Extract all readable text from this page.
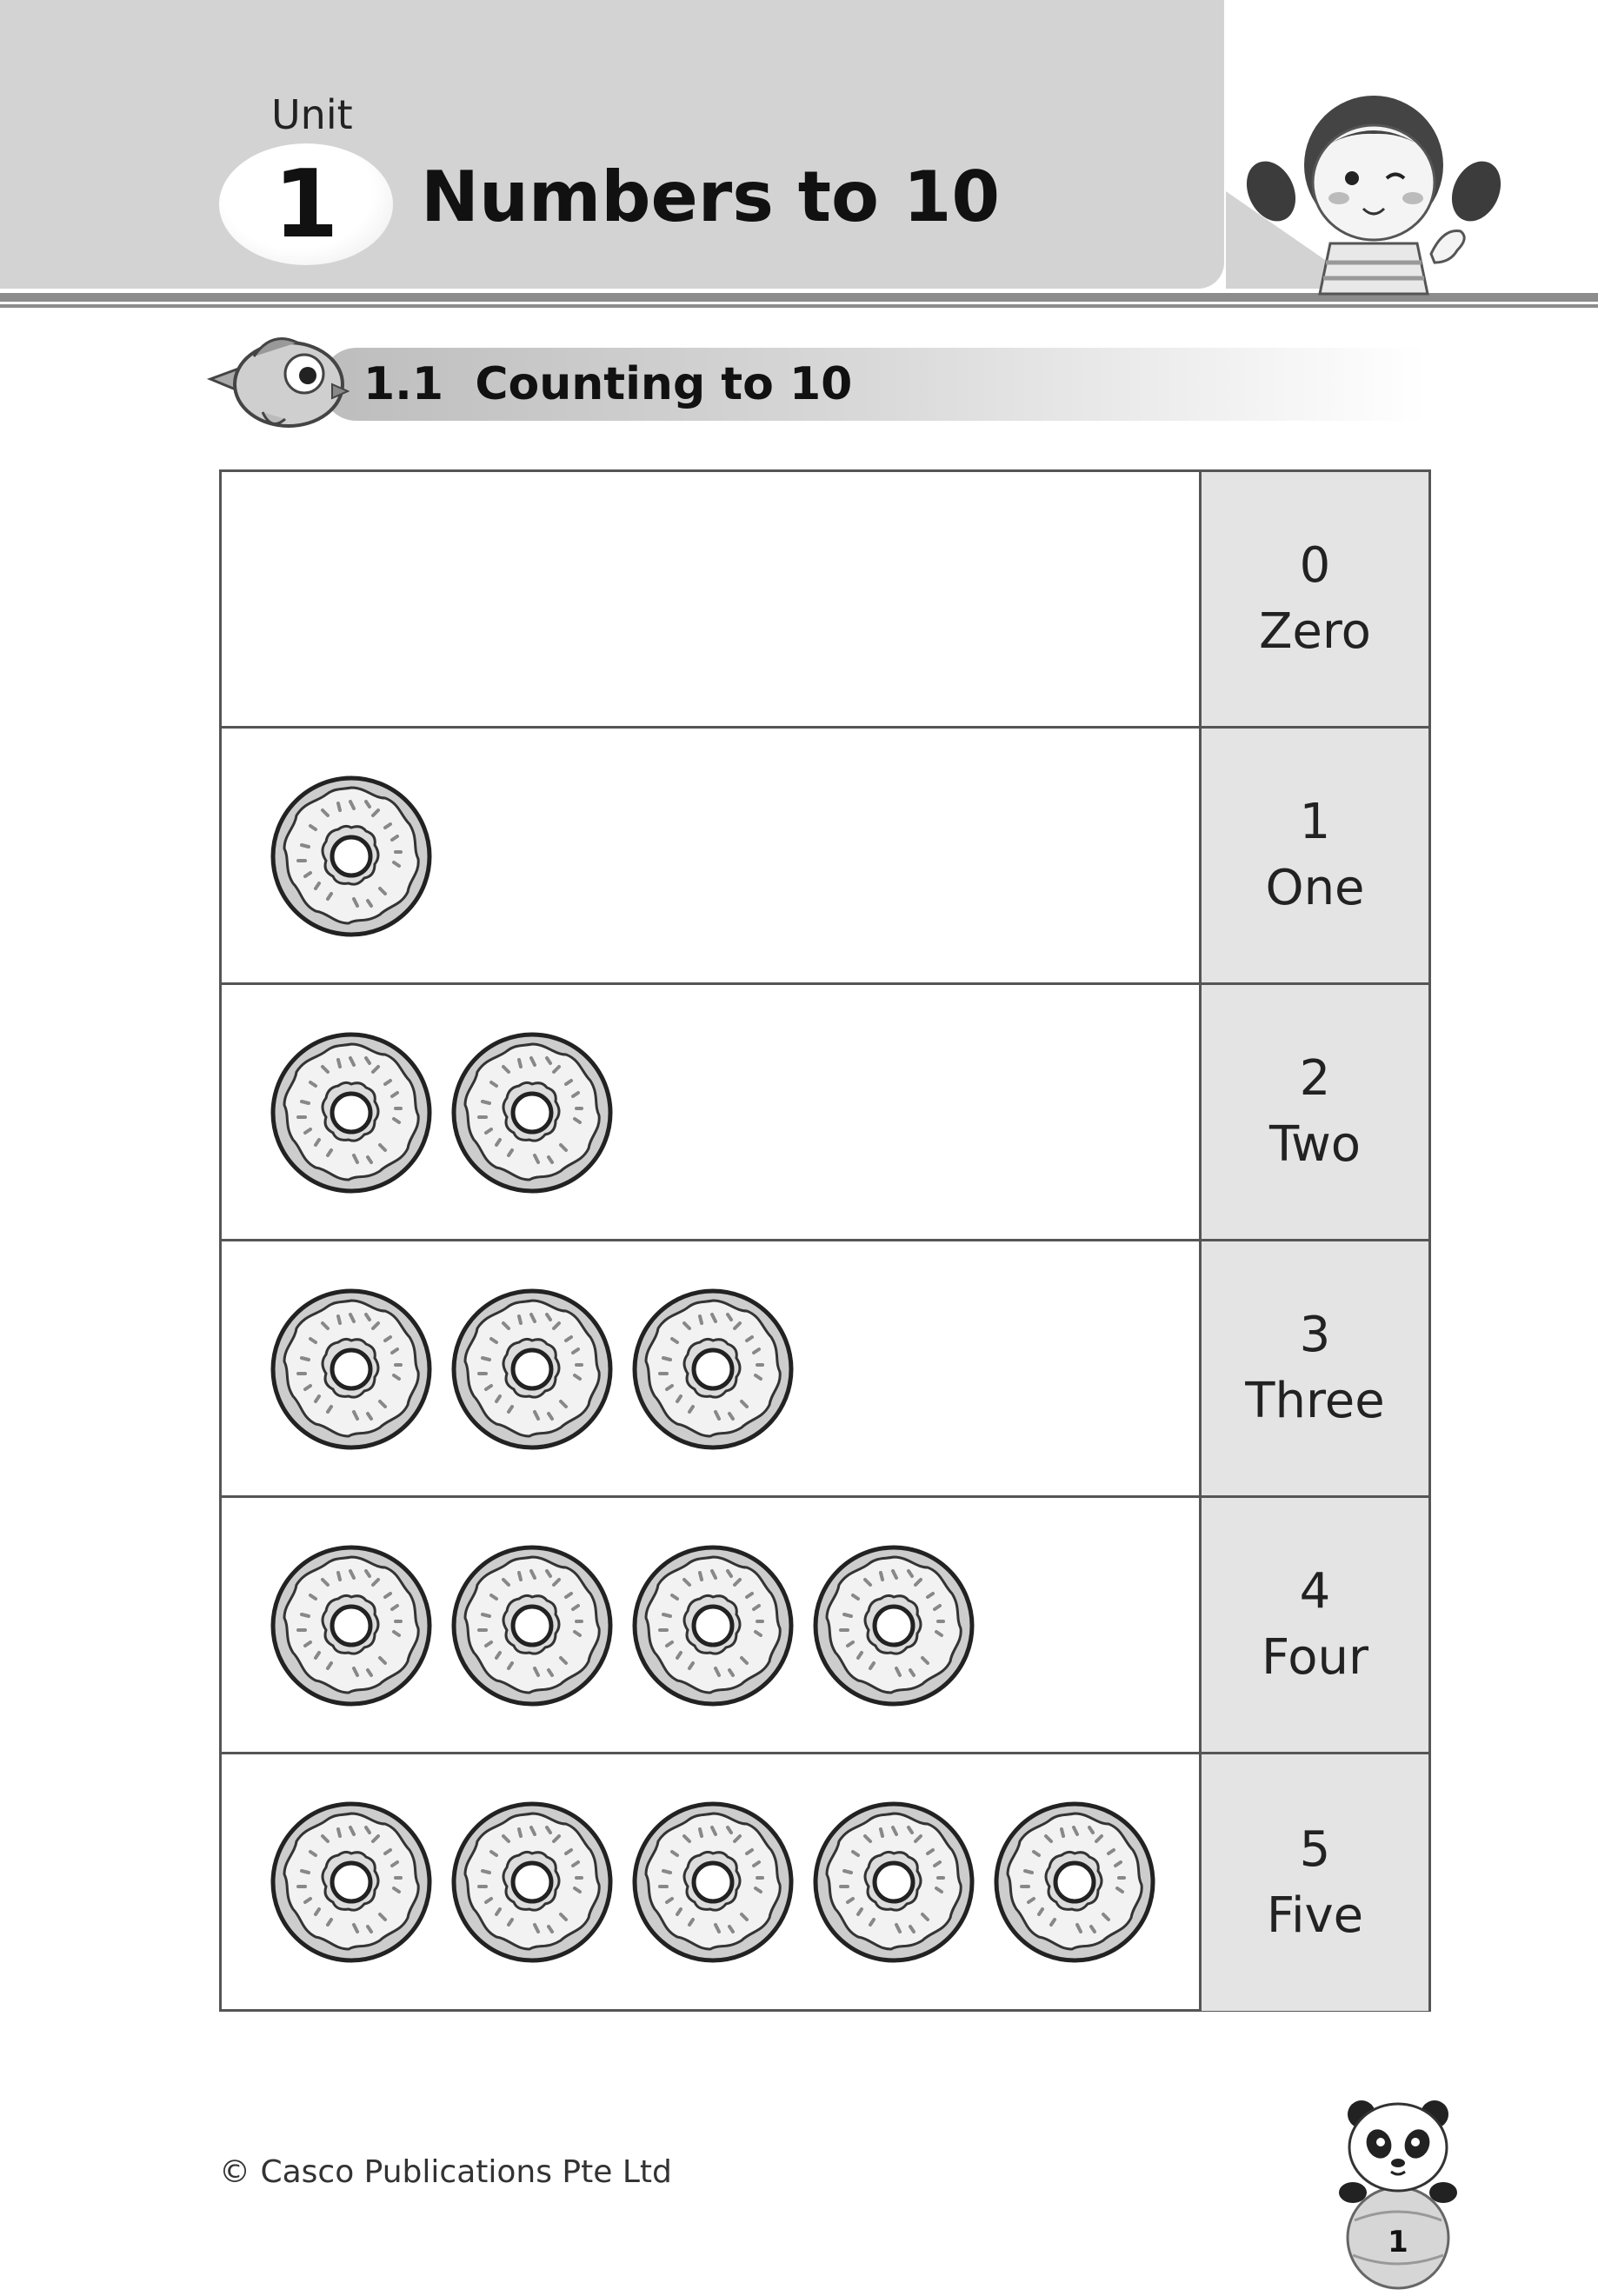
Unit
1 Numbers to 10
1.1  Counting to 10
0
Zero
1
One
2
Two
3
Three
4
Four
5
Five
© Casco Publications Pte Ltd
1
